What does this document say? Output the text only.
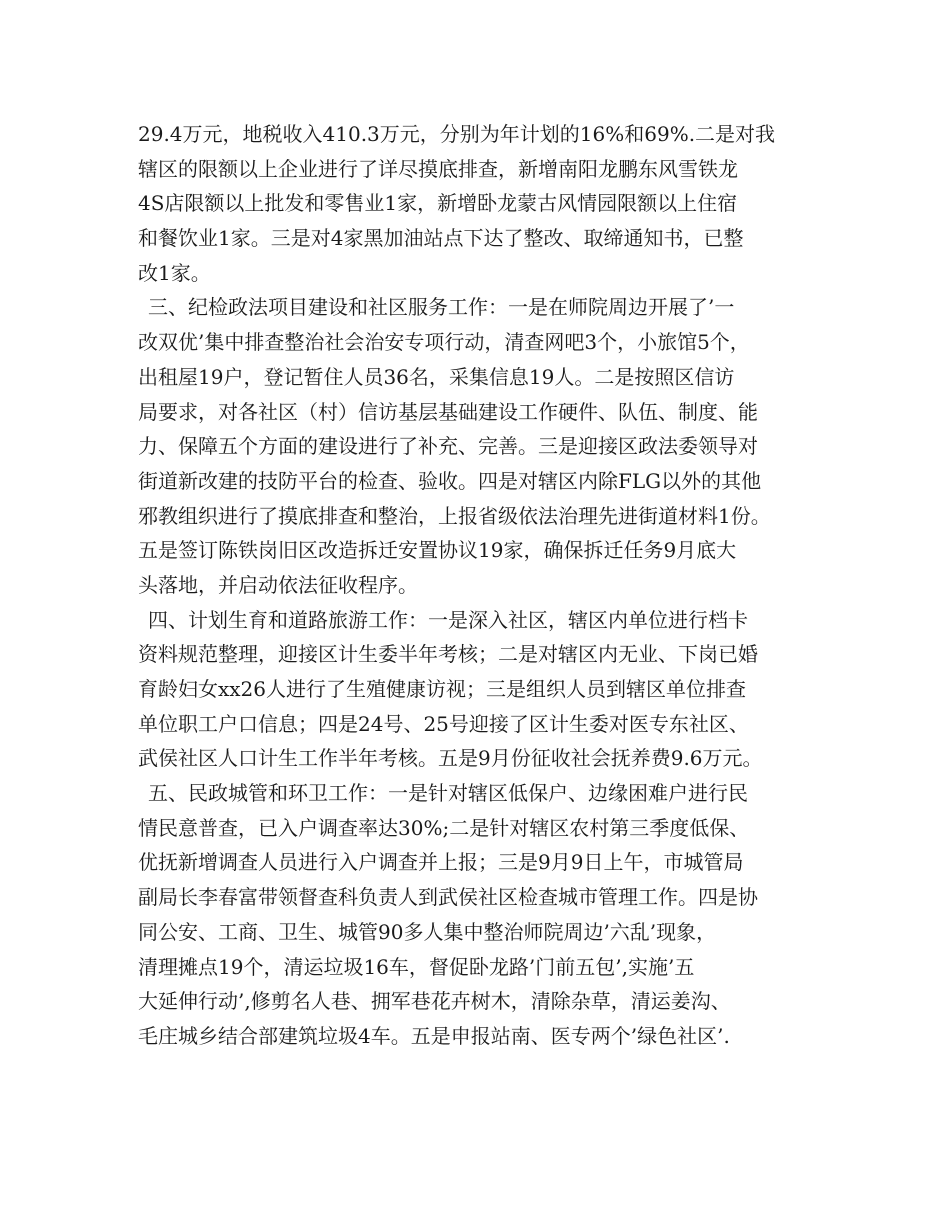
29.4万元，地税收入410.3万元，分别为年计划的16%和69%.二是对我
辖区的限额以上企业进行了详尽摸底排查，新增南阳龙鹏东风雪铁龙
4S店限额以上批发和零售业1家，新增卧龙蒙古风情园限额以上住宿
和餐饮业1家。三是对4家黑加油站点下达了整改、取缔通知书，已整
改1家。
三、纪检政法项目建设和社区服务工作：一是在师院周边开展了’一
改双优’集中排查整治社会治安专项行动，清查网吧3个，小旅馆5个，
出租屋19户，登记暂住人员36名，采集信息19人。二是按照区信访
局要求，对各社区（村）信访基层基础建设工作硬件、队伍、制度、能
力、保障五个方面的建设进行了补充、完善。三是迎接区政法委领导对
街道新改建的技防平台的检查、验收。四是对辖区内除FLG以外的其他
邪教组织进行了摸底排查和整治，上报省级依法治理先进街道材料1份。
五是签订陈铁岗旧区改造拆迁安置协议19家，确保拆迁任务9月底大
头落地，并启动依法征收程序。
四、计划生育和道路旅游工作：一是深入社区，辖区内单位进行档卡
资料规范整理，迎接区计生委半年考核；二是对辖区内无业、下岗已婚
育龄妇女xx26人进行了生殖健康访视；三是组织人员到辖区单位排查
单位职工户口信息；四是24号、25号迎接了区计生委对医专东社区、
武侯社区人口计生工作半年考核。五是9月份征收社会抚养费9.6万元。
五、民政城管和环卫工作：一是针对辖区低保户、边缘困难户进行民
情民意普查，已入户调查率达30%;二是针对辖区农村第三季度低保、
优抚新增调查人员进行入户调查并上报；三是9月9日上午，市城管局
副局长李春富带领督查科负责人到武侯社区检查城市管理工作。四是协
同公安、工商、卫生、城管90多人集中整治师院周边’六乱’现象，
清理摊点19个，清运垃圾16车，督促卧龙路’门前五包’,实施’五
大延伸行动’,修剪名人巷、拥军巷花卉树木，清除杂草，清运姜沟、
毛庄城乡结合部建筑垃圾4车。五是申报站南、医专两个’绿色社区’.
